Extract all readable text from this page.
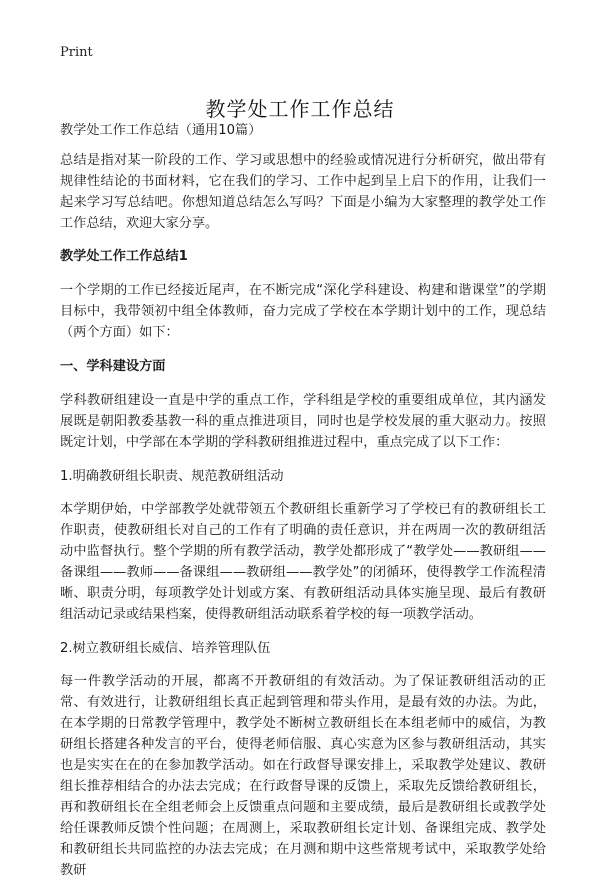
Print
教学处工作工作总结

教学处工作工作总结（通用10篇）

总结是指对某一阶段的工作、学习或思想中的经验或情况进行分析研究，做出带有规律性结论的书面材料，它在我们的学习、工作中起到呈上启下的作用，让我们一起来学习写总结吧。你想知道总结怎么写吗？下面是小编为大家整理的教学处工作工作总结，欢迎大家分享。

教学处工作工作总结1

一个学期的工作已经接近尾声，在不断完成“深化学科建设、构建和谐课堂”的学期目标中，我带领初中组全体教师，奋力完成了学校在本学期计划中的工作，现总结（两个方面）如下：

一、学科建设方面

学科教研组建设一直是中学的重点工作，学科组是学校的重要组成单位，其内涵发展既是朝阳教委基教一科的重点推进项目，同时也是学校发展的重大驱动力。按照既定计划，中学部在本学期的学科教研组推进过程中，重点完成了以下工作：

1.明确教研组长职责、规范教研组活动

本学期伊始，中学部教学处就带领五个教研组长重新学习了学校已有的教研组长工作职责，使教研组长对自己的工作有了明确的责任意识，并在两周一次的教研组活动中监督执行。整个学期的所有教学活动，教学处都形成了“教学处——教研组——备课组——教师——备课组——教研组——教学处”的闭循环，使得教学工作流程清晰、职责分明，每项教学处计划或方案、有教研组活动具体实施呈现、最后有教研组活动记录或结果档案，使得教研组活动联系着学校的每一项教学活动。

2.树立教研组长威信、培养管理队伍

每一件教学活动的开展，都离不开教研组的有效活动。为了保证教研组活动的正常、有效进行，让教研组组长真正起到管理和带头作用，是最有效的办法。为此，在本学期的日常教学管理中，教学处不断树立教研组长在本组老师中的威信，为教研组长搭建各种发言的平台，使得老师信服、真心实意为区参与教研组活动，其实也是实实在在的在参加教学活动。如在行政督导课安排上，采取教学处建议、教研组长推荐相结合的办法去完成；在行政督导课的反馈上，采取先反馈给教研组长，再和教研组长在全组老师会上反馈重点问题和主要成绩，最后是教研组长或教学处给任课教师反馈个性问题；在周测上，采取教研组长定计划、备课组完成、教学处和教研组长共同监控的办法去完成；在月测和期中这些常规考试中，采取教学处给教研
